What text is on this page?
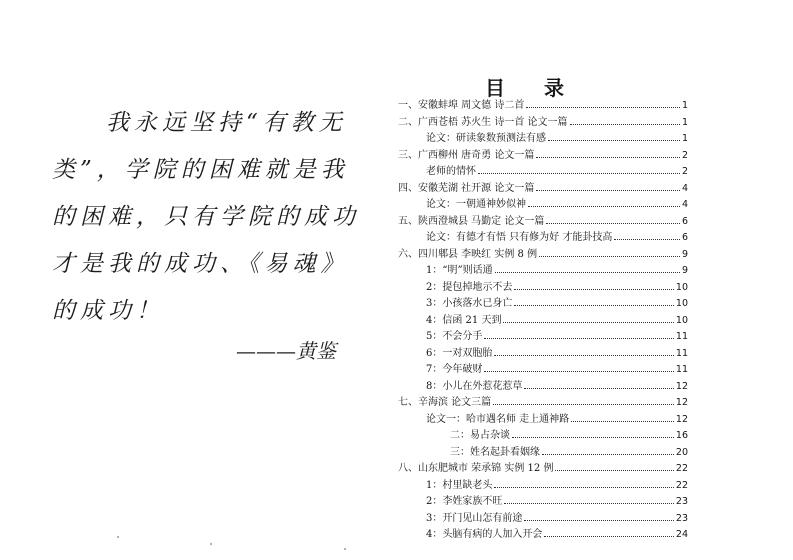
我永远坚持“有教无
类”，学院的困难就是我
的困难，只有学院的成功
才是我的成功、《易魂》
的成功！
———黄鉴
目 录
一、安徽蚌埠 周文德 诗二首	1
二、广西苍梧 苏火生 诗一首 论文一篇	1
论文：研读象数预测法有感	1
三、广西柳州 唐奇勇 论文一篇	2
老师的情怀	2
四、安徽芜湖 社开源 论文一篇	4
论文：一朝通神妙似神	4
五、陕西澄城县 马勤定 论文一篇	6
论文：有德才有悟 只有修为好 才能卦技高	6
六、四川郫县 李映红 实例 8 例	9
1：“明”则话通	9
2：提包掉地示不去	10
3：小孩落水已身亡	10
4：信函 21 天到	10
5：不会分手	11
6：一对双胞胎	11
7：今年破财	11
8：小儿在外惹花惹草	12
七、辛海滨 论文三篇	12
论文一：哈市遇名师 走上通神路	12
二：易占杂谈	16
三：姓名起卦看姻缘	20
八、山东肥城市 荣承锦 实例 12 例	22
1：村里缺老头	22
2：李姓家族不旺	23
3：开门见山怎有前途	23
4：头脑有病的人加入开会	24
